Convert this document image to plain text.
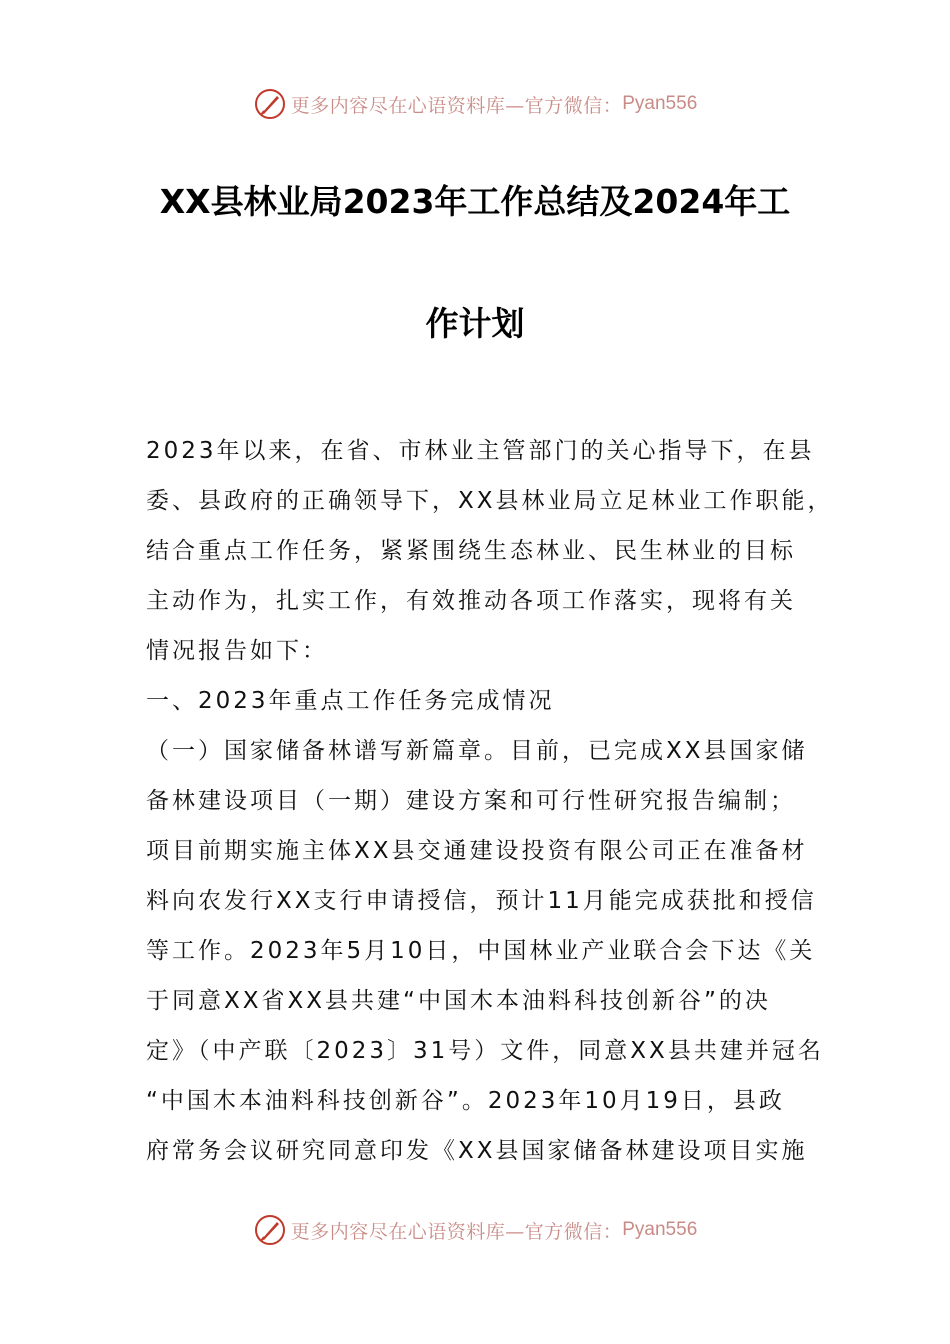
更多内容尽在心语资料库—官方微信： Pyan556
XX县林业局2023年工作总结及2024年工
作计划
2023年以来，在省、市林业主管部门的关心指导下，在县
委、县政府的正确领导下，XX县林业局立足林业工作职能，
结合重点工作任务，紧紧围绕生态林业、民生林业的目标
主动作为，扎实工作，有效推动各项工作落实，现将有关
情况报告如下：
一、2023年重点工作任务完成情况
（一）国家储备林谱写新篇章。目前，已完成XX县国家储
备林建设项目（一期）建设方案和可行性研究报告编制；
项目前期实施主体XX县交通建设投资有限公司正在准备材
料向农发行XX支行申请授信，预计11月能完成获批和授信
等工作。2023年5月10日，中国林业产业联合会下达《关
于同意XX省XX县共建“中国木本油料科技创新谷”的决
定》（中产联〔2023〕31号）文件，同意XX县共建并冠名
“中国木本油料科技创新谷”。2023年10月19日，县政
府常务会议研究同意印发《XX县国家储备林建设项目实施
更多内容尽在心语资料库—官方微信： Pyan556
